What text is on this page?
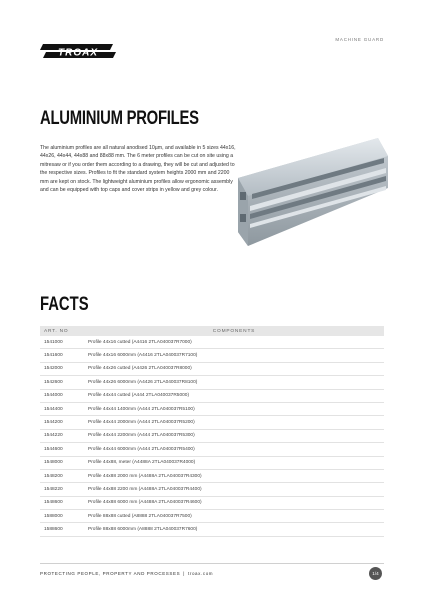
TROAX
MACHINE GUARD
ALUMINIUM PROFILES

The aluminium profiles are all natural anodised 10µm, and available in 5 sizes 44x16, 44x26, 44x44, 44x88 and 88x88 mm. The 6 meter profiles can be cut on site using a mitresaw or if you order them according to a drawing, they will be cut and adjusted to the respective sizes. Profiles to fit the standard system heights 2000 mm and 2200 mm are kept on stock. The lightweight aluminium profiles allow ergonomic assembly and can be equipped with top caps and cover strips in yellow and grey colour.

FACTS
ART. NO	COMPONENTS
1541000	Profile 44x16 cutted (A4416 2TLA040037R7000)
1541600	Profile 44x16 6000mm (A4416 2TLA040037R7100)
1542000	Profile 44x26 cutted (A4426 2TLA040037R8000)
1542600	Profile 44x26 6000mm (A4426 2TLA040037R8100)
1544000	Profile 44x44 cutted (A444 2TLA040037R5000)
1544400	Profile 44x44 1400mm (A444 2TLA040037R5100)
1544200	Profile 44x44 2000mm (A444 2TLA040037R5200)
1544220	Profile 44x44 2200mm (A444 2TLA040037R5300)
1544600	Profile 44x44 6000mm (A444 2TLA040037R5400)
1548000	Profile 44x88, meter (A4488A 2TLA040037R4000)
1548200	Profile 44x88 2000 mm (A4488A 2TLA040037R4300)
1548220	Profile 44x88 2200 mm (A4488A 2TLA040037R4400)
1548600	Profile 44x88 6000 mm (A4488A 2TLA040037R4600)
1588000	Profile 88x88 cutted (A8888 2TLA040037R7500)
1588600	Profile 88x88 6000mm (A8888 2TLA040037R7600)
PROTECTING PEOPLE, PROPERTY AND PROCESSES | troax.com	1/4
